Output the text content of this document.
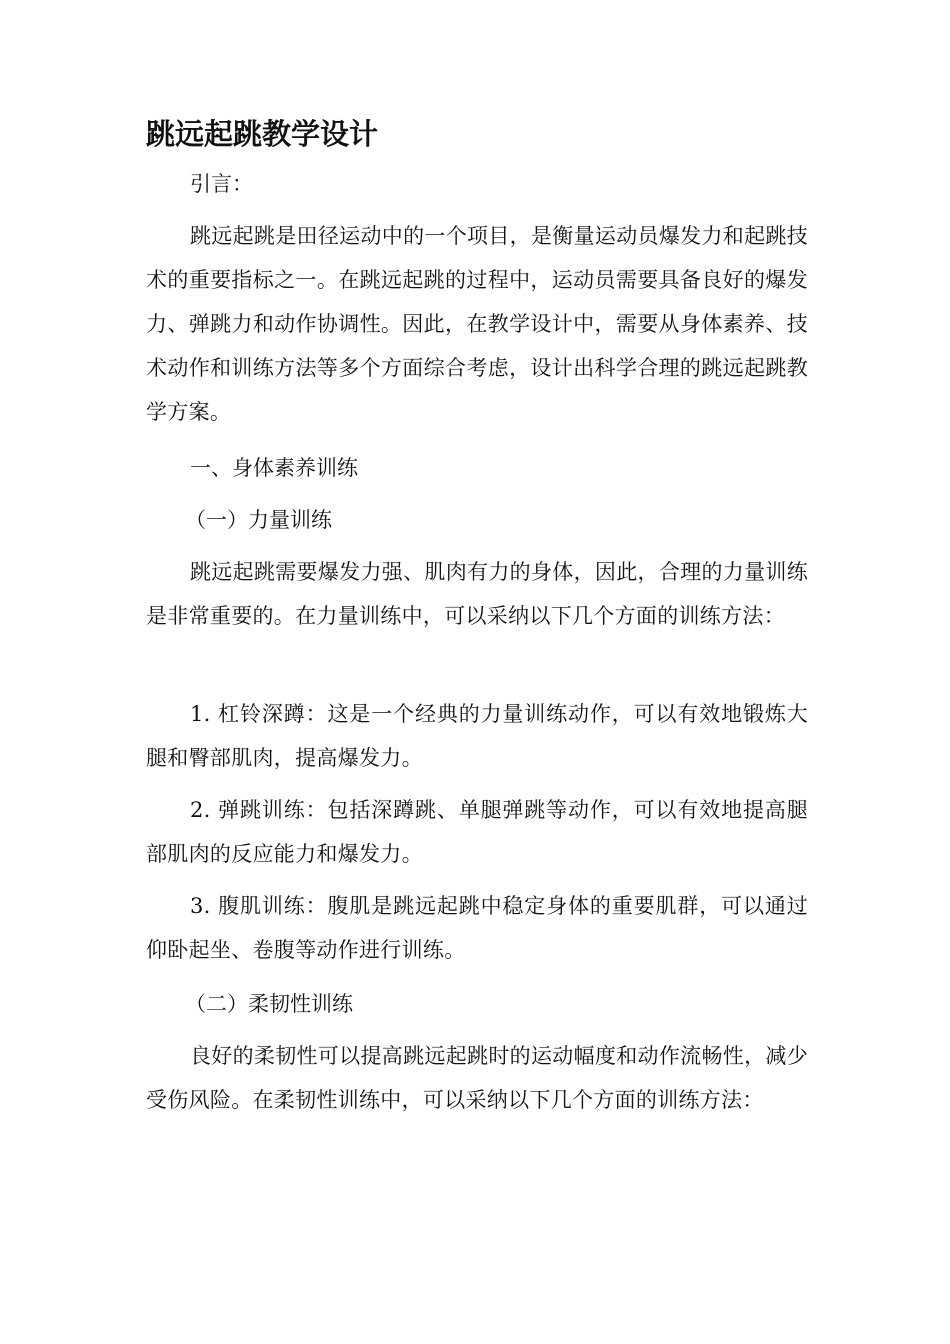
跳远起跳教学设计

引言：

跳远起跳是田径运动中的一个项目，是衡量运动员爆发力和起跳技术的重要指标之一。在跳远起跳的过程中，运动员需要具备良好的爆发力、弹跳力和动作协调性。因此，在教学设计中，需要从身体素养、技术动作和训练方法等多个方面综合考虑，设计出科学合理的跳远起跳教学方案。

一、身体素养训练

（一）力量训练

跳远起跳需要爆发力强、肌肉有力的身体，因此，合理的力量训练是非常重要的。在力量训练中，可以采纳以下几个方面的训练方法：

1. 杠铃深蹲：这是一个经典的力量训练动作，可以有效地锻炼大腿和臀部肌肉，提高爆发力。

2. 弹跳训练：包括深蹲跳、单腿弹跳等动作，可以有效地提高腿部肌肉的反应能力和爆发力。

3. 腹肌训练：腹肌是跳远起跳中稳定身体的重要肌群，可以通过仰卧起坐、卷腹等动作进行训练。

（二）柔韧性训练

良好的柔韧性可以提高跳远起跳时的运动幅度和动作流畅性，减少受伤风险。在柔韧性训练中，可以采纳以下几个方面的训练方法：
